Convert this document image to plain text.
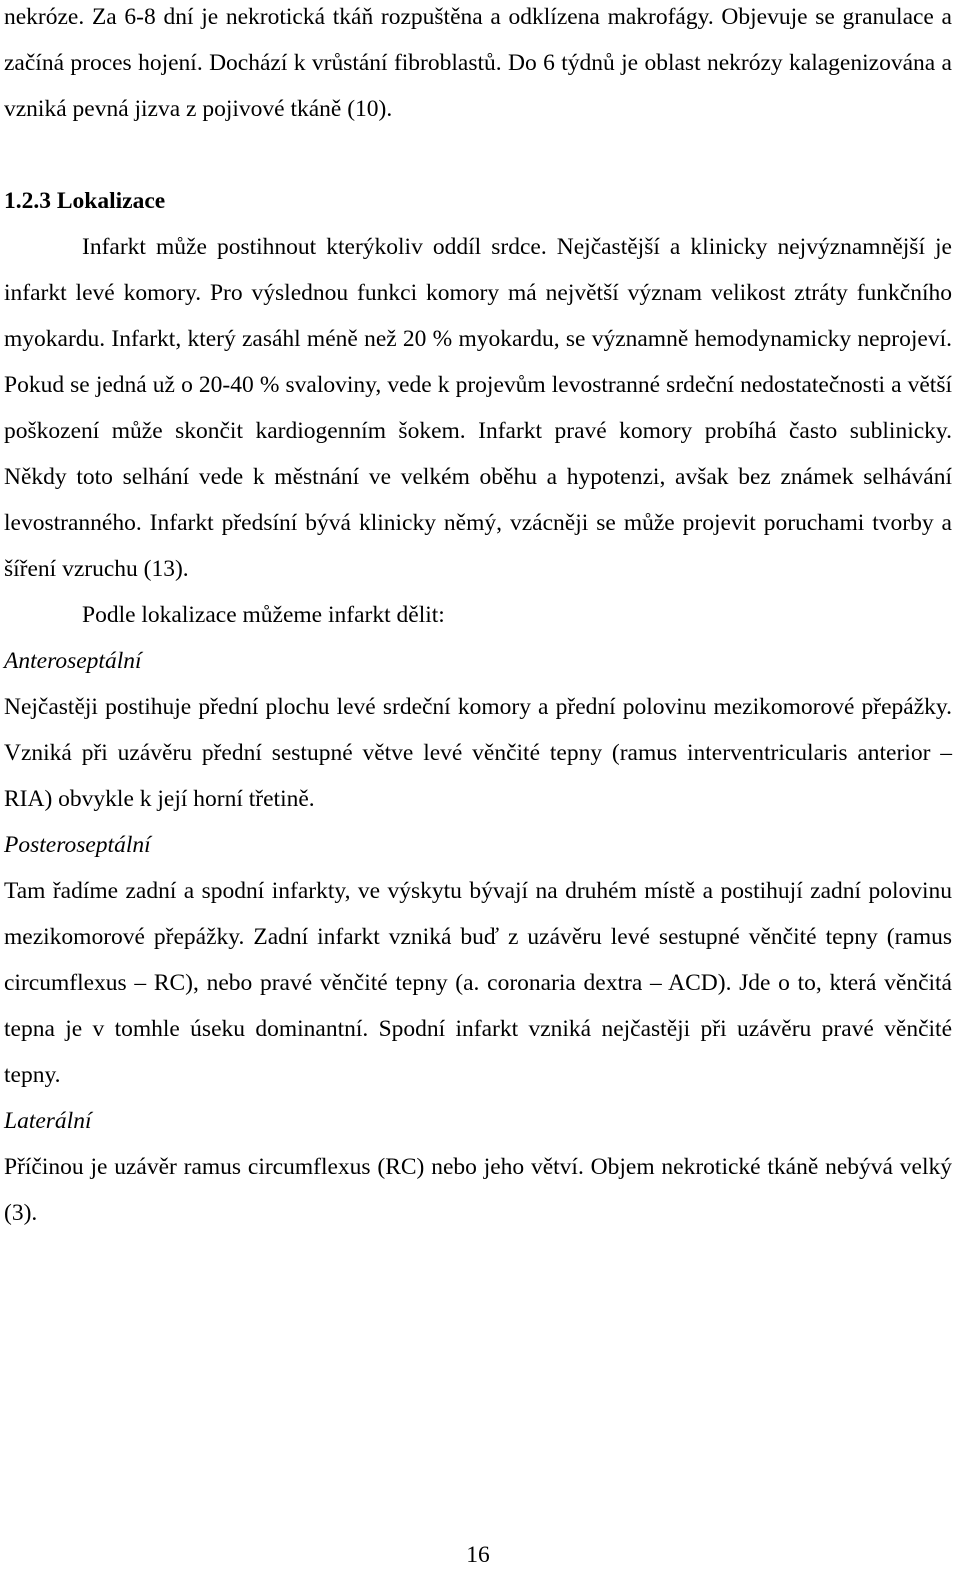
nekróze. Za 6-8 dní je nekrotická tkáň rozpuštěna a odklízena makrofágy. Objevuje se granulace a začíná proces hojení. Dochází k vrůstání fibroblastů. Do 6 týdnů je oblast nekrózy kalagenizována a vzniká pevná jizva z pojivové tkáně (10).

1.2.3 Lokalizace

Infarkt může postihnout kterýkoliv oddíl srdce. Nejčastější a klinicky nejvýznamnější je infarkt levé komory. Pro výslednou funkci komory má největší význam velikost ztráty funkčního myokardu. Infarkt, který zasáhl méně než 20 % myokardu, se významně hemodynamicky neprojeví. Pokud se jedná už o 20-40 % svaloviny, vede k projevům levostranné srdeční nedostatečnosti a větší poškození může skončit kardiogenním šokem. Infarkt pravé komory probíhá často sublinicky. Někdy toto selhání vede k městnání ve velkém oběhu a hypotenzi, avšak bez známek selhávání levostranného. Infarkt předsíní bývá klinicky němý, vzácněji se může projevit poruchami tvorby a šíření vzruchu (13).

Podle lokalizace můžeme infarkt dělit:

Anteroseptální

Nejčastěji postihuje přední plochu levé srdeční komory a přední polovinu mezikomorové přepážky. Vzniká při uzávěru přední sestupné větve levé věnčité tepny (ramus interventricularis anterior – RIA) obvykle k její horní třetině.

Posteroseptální

Tam řadíme zadní a spodní infarkty, ve výskytu bývají na druhém místě a postihují zadní polovinu mezikomorové přepážky. Zadní infarkt vzniká buď z uzávěru levé sestupné věnčité tepny (ramus circumflexus – RC), nebo pravé věnčité tepny (a. coronaria dextra – ACD). Jde o to, která věnčitá tepna je v tomhle úseku dominantní. Spodní infarkt vzniká nejčastěji při uzávěru pravé věnčité tepny.

Laterální

Příčinou je uzávěr ramus circumflexus (RC) nebo jeho větví. Objem nekrotické tkáně nebývá velký (3).

16
